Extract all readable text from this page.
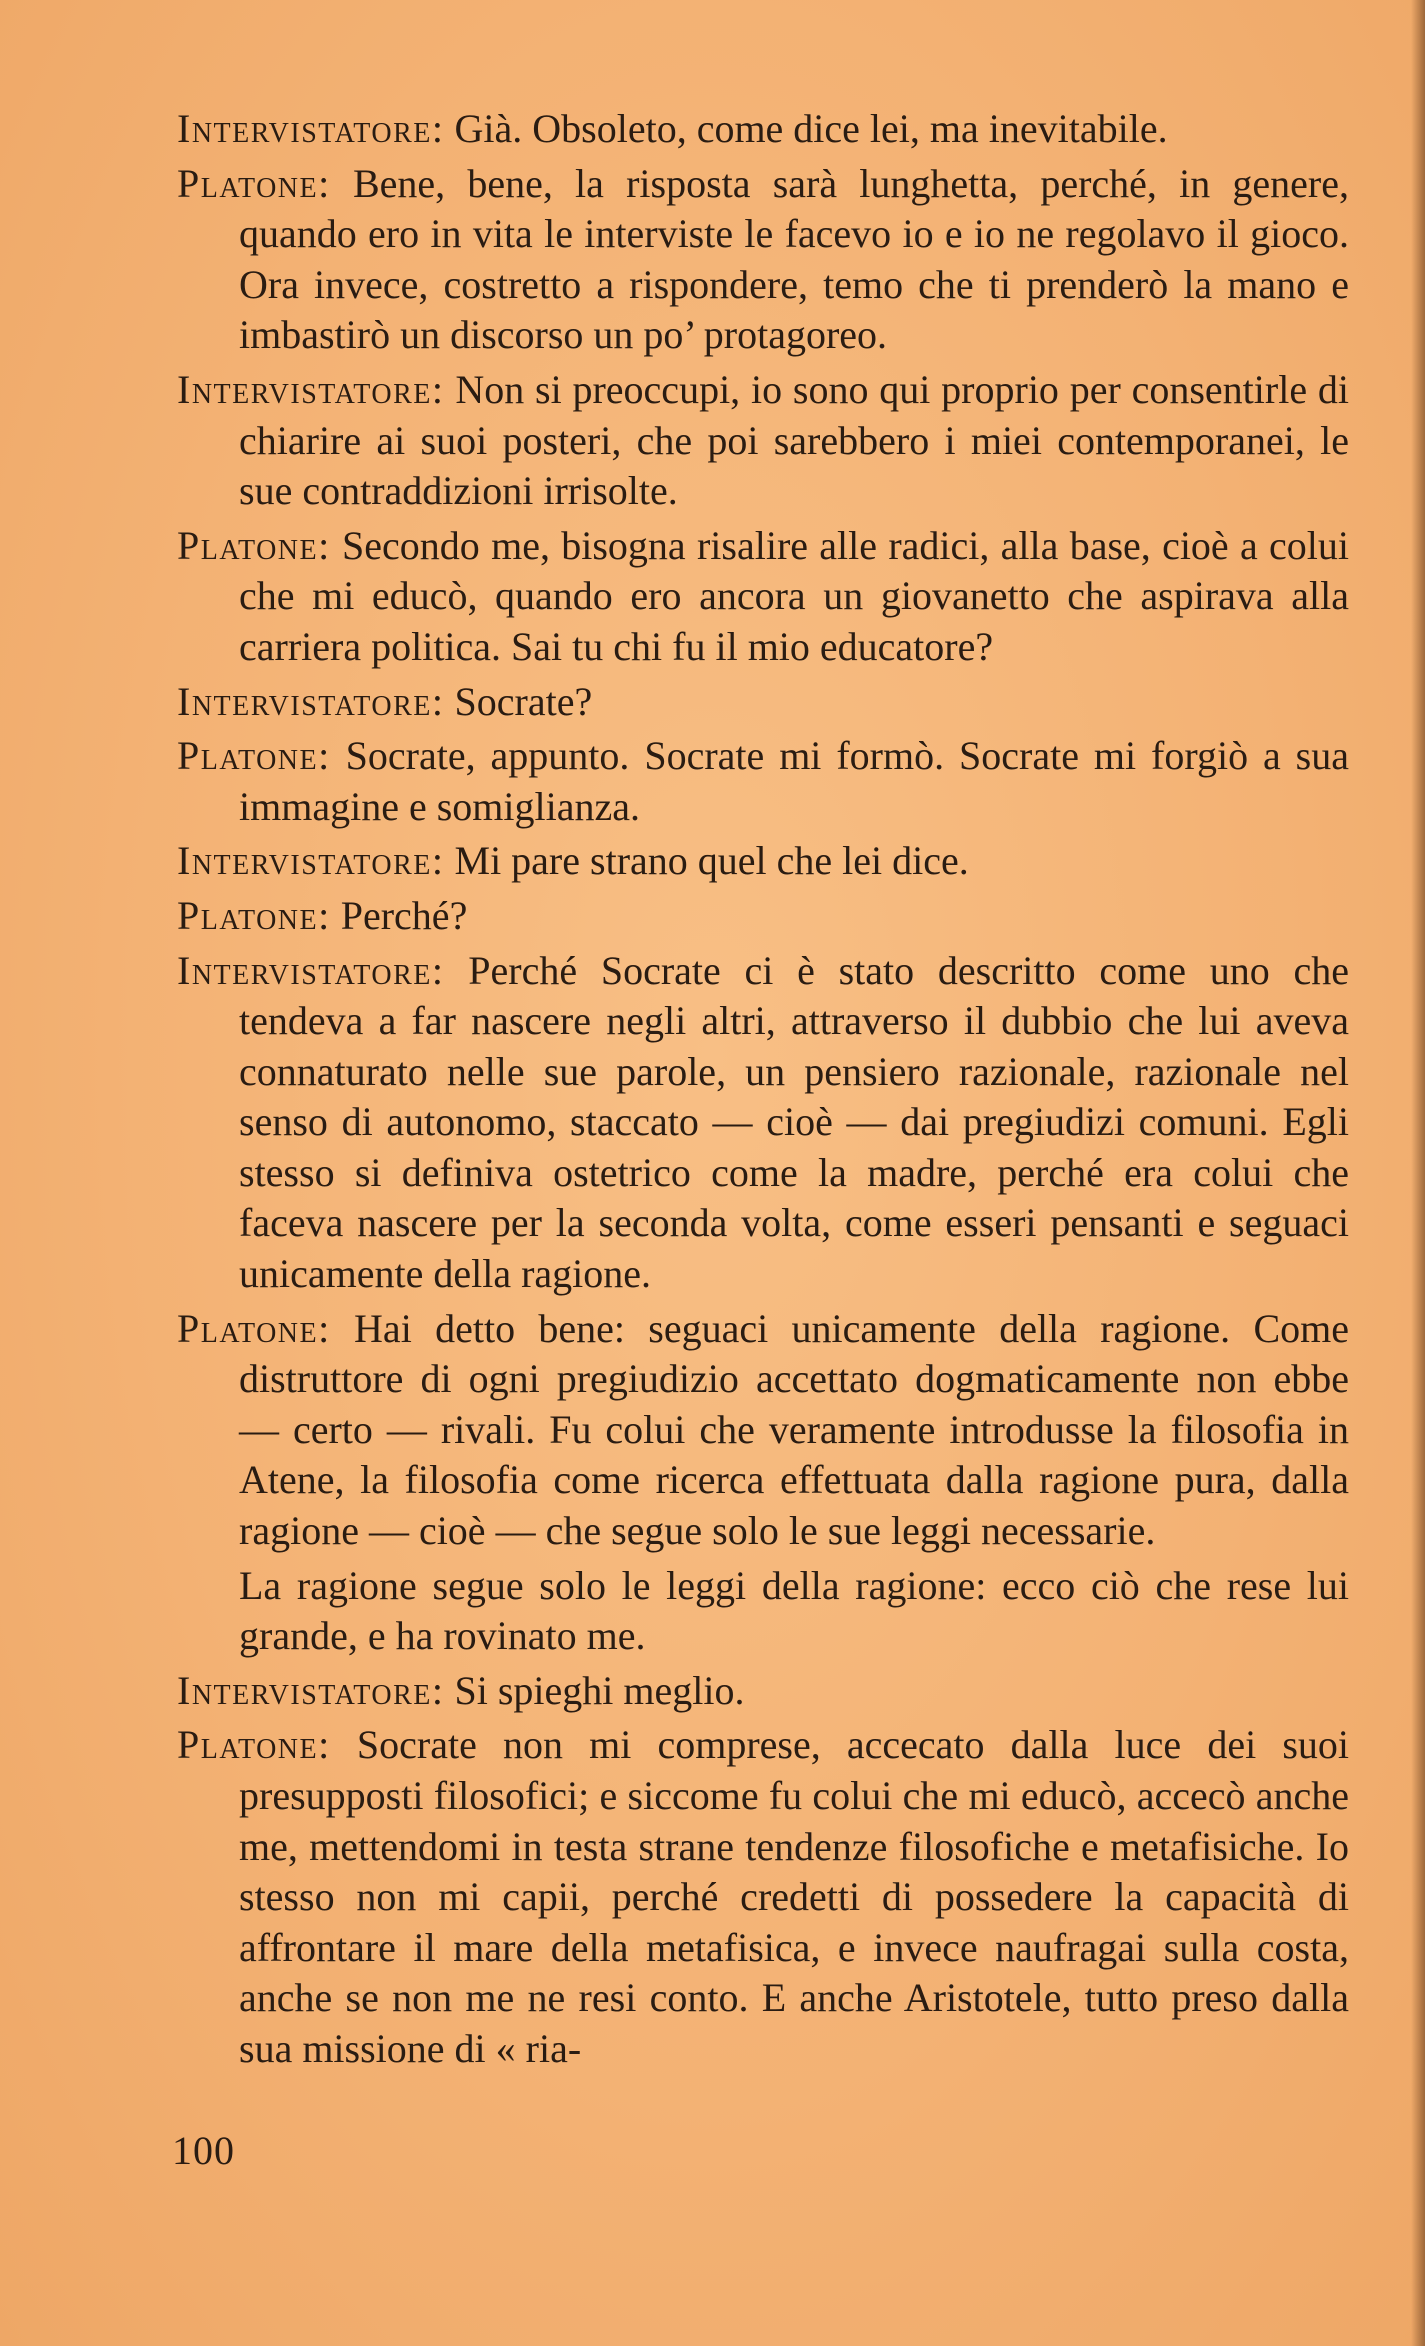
Intervistatore: Già. Obsoleto, come dice lei, ma inevitabile.

Platone: Bene, bene, la risposta sarà lunghetta, perché, in genere, quando ero in vita le interviste le facevo io e io ne regolavo il gioco. Ora invece, costretto a rispondere, temo che ti prenderò la mano e imbastirò un discorso un po’ protagoreo.

Intervistatore: Non si preoccupi, io sono qui proprio per consentirle di chiarire ai suoi posteri, che poi sarebbero i miei contemporanei, le sue contraddizioni irrisolte.

Platone: Secondo me, bisogna risalire alle radici, alla base, cioè a colui che mi educò, quando ero ancora un giovanetto che aspirava alla carriera politica. Sai tu chi fu il mio educatore?

Intervistatore: Socrate?

Platone: Socrate, appunto. Socrate mi formò. Socrate mi forgiò a sua immagine e somiglianza.

Intervistatore: Mi pare strano quel che lei dice.

Platone: Perché?

Intervistatore: Perché Socrate ci è stato descritto come uno che tendeva a far nascere negli altri, attraverso il dubbio che lui aveva connaturato nelle sue parole, un pensiero razionale, razionale nel senso di autonomo, staccato — cioè — dai pregiudizi comuni. Egli stesso si definiva ostetrico come la madre, perché era colui che faceva nascere per la seconda volta, come esseri pensanti e seguaci unicamente della ragione.

Platone: Hai detto bene: seguaci unicamente della ragione. Come distruttore di ogni pregiudizio accettato dogmaticamente non ebbe — certo — rivali. Fu colui che veramente introdusse la filosofia in Atene, la filosofia come ricerca effettuata dalla ragione pura, dalla ragione — cioè — che segue solo le sue leggi necessarie.

La ragione segue solo le leggi della ragione: ecco ciò che rese lui grande, e ha rovinato me.

Intervistatore: Si spieghi meglio.

Platone: Socrate non mi comprese, accecato dalla luce dei suoi presupposti filosofici; e siccome fu colui che mi educò, accecò anche me, mettendomi in testa strane tendenze filosofiche e metafisiche. Io stesso non mi capii, perché credetti di possedere la capacità di affrontare il mare della metafisica, e invece naufragai sulla costa, anche se non me ne resi conto. E anche Aristotele, tutto preso dalla sua missione di « ria-

100
